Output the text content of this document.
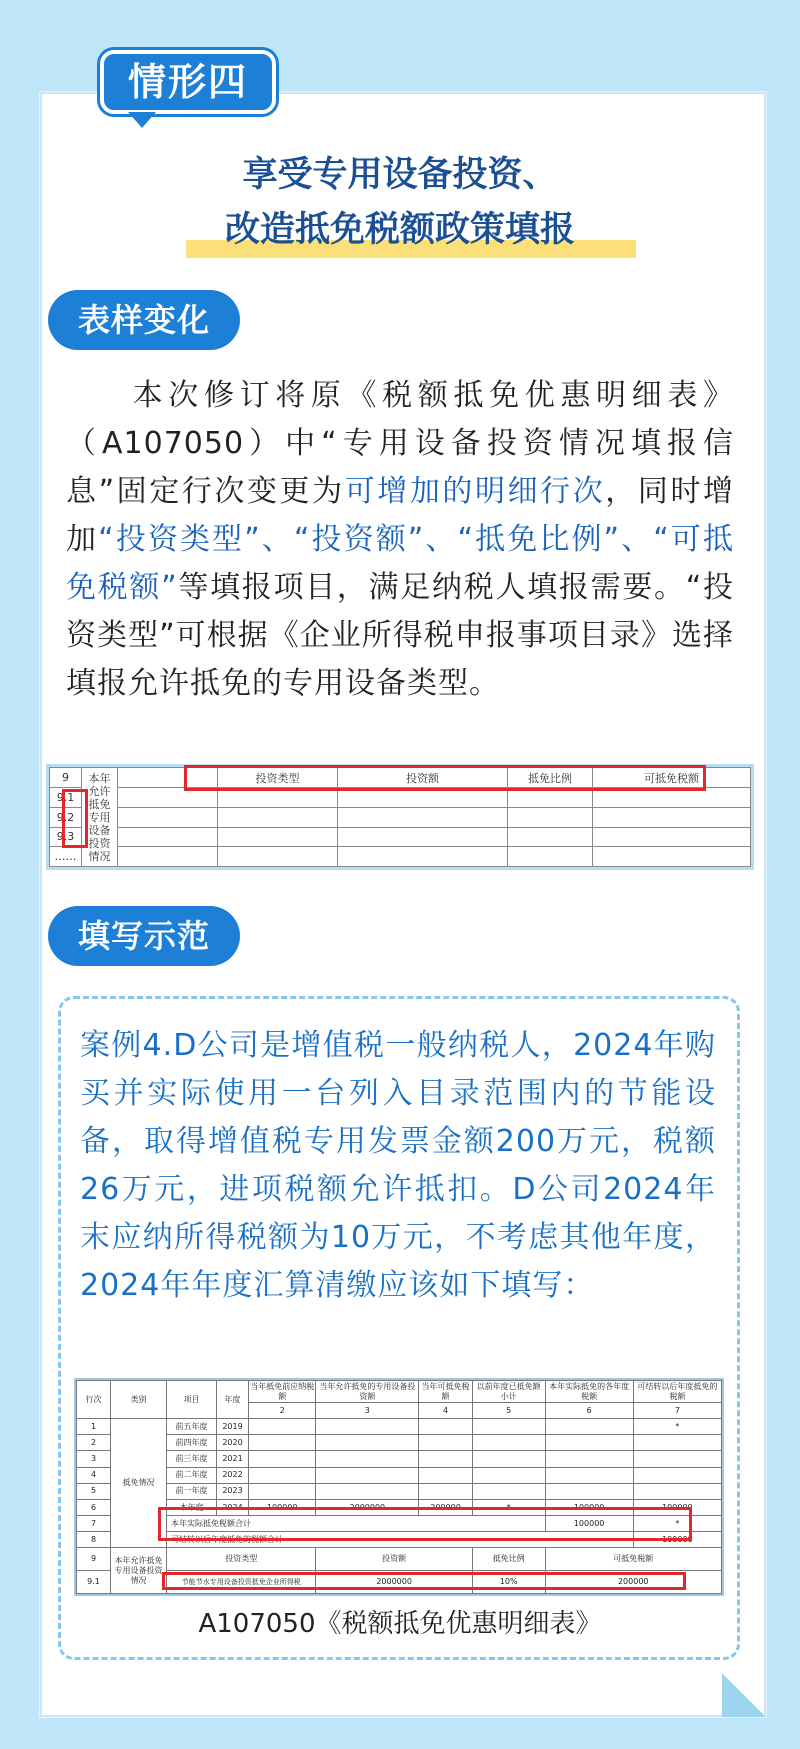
情形四
享受专用设备投资、
改造抵免税额政策填报
表样变化
本次修订将原《税额抵免优惠明细表》（A107050）中“专用设备投资情况填报信息”固定行次变更为可增加的明细行次，同时增加“投资类型”、“投资额”、“抵免比例”、“可抵免税额”等填报项目，满足纳税人填报需要。“投资类型”可根据《企业所得税申报事项目录》选择填报允许抵免的专用设备类型。
9	本年允许抵免专用设备投资情况		投资类型	投资额	抵免比例	可抵免税额
9.1						
9.2						
9.3						
……						
填写示范
案例4.D公司是增值税一般纳税人，2024年购买并实际使用一台列入目录范围内的节能设备，取得增值税专用发票金额200万元，税额26万元，进项税额允许抵扣。D公司2024年末应纳所得税额为10万元，不考虑其他年度，2024年年度汇算清缴应该如下填写：
行次	类别	项目	年度	当年抵免前应纳税额	当年允许抵免的专用设备投资额	当年可抵免税额	以前年度已抵免额小计	本年实际抵免的各年度税额	可结转以后年度抵免的税额
				2	3	4	5	6	7
1	抵免情况	前五年度	2019						*
2		前四年度	2020						
3		前三年度	2021						
4		前二年度	2022						
5		前一年度	2023						
6		本年度	2024	100000	2000000	200000	*	100000	100000
7		本年实际抵免税额合计						100000	*
8		可结转以后年度抵免的税额合计							100000
9	本年允许抵免专用设备投资情况	投资类型			投资额		抵免比例	可抵免税额	
9.1		节能节水专用设备投资抵免企业所得税			2000000		10%	200000	
A107050《税额抵免优惠明细表》
